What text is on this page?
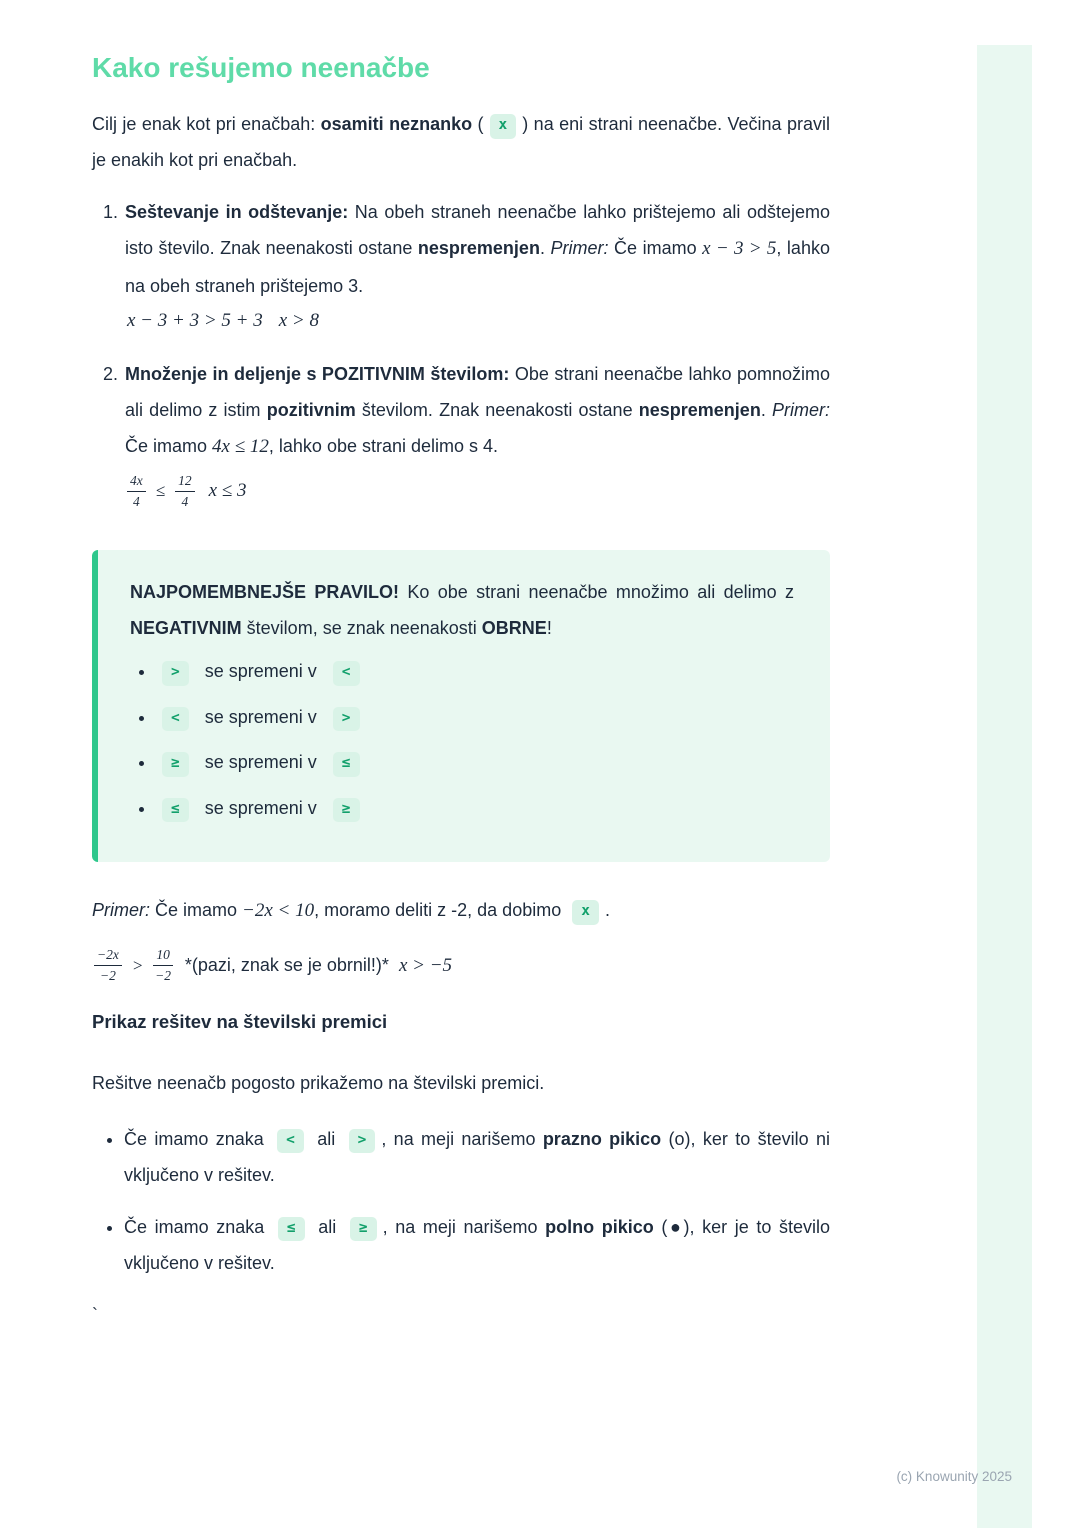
Kako rešujemo neenačbe

Cilj je enak kot pri enačbah: osamiti neznanko ( x ) na eni strani neenačbe. Večina pravil je enakih kot pri enačbah.

1. Seštevanje in odštevanje: Na obeh straneh neenačbe lahko prištejemo ali odštejemo isto število. Znak neenakosti ostane nespremenjen. Primer: Če imamo x − 3 > 5, lahko na obeh straneh prištejemo 3.

x − 3 + 3 > 5 + 3 x > 8
2. Množenje in deljenje s POZITIVNIM številom: Obe strani neenačbe lahko pomnožimo ali delimo z istim pozitivnim številom. Znak neenakosti ostane nespremenjen. Primer: Če imamo 4x ≤ 12, lahko obe strani delimo s 4.

$\frac{4x}{4} \le \frac{12}{4}$ x ≤ 3

NAJPOMEMBNEJŠE PRAVILO! Ko obe strani neenačbe množimo ali delimo z NEGATIVNIM številom, se znak neenakosti OBRNE!

• > se spremeni v <
• < se spremeni v >
• ≥ se spremeni v ≤
• ≤ se spremeni v ≥

Primer: Če imamo −2x < 10, moramo deliti z -2, da dobimo x .

$\frac{-2x}{-2} > \frac{10}{-2}$ *(pazi, znak se je obrnil!)* x > −5
Prikaz rešitev na številski premici

Rešitve neenačb pogosto prikažemo na številski premici.

• Če imamo znaka < ali > , na meji narišemo prazno pikico (o), ker to število ni vključeno v rešitev.
• Če imamo znaka ≤ ali ≥ , na meji narišemo polno pikico (●), ker je to število vključeno v rešitev.

`

(c) Knowunity 2025
